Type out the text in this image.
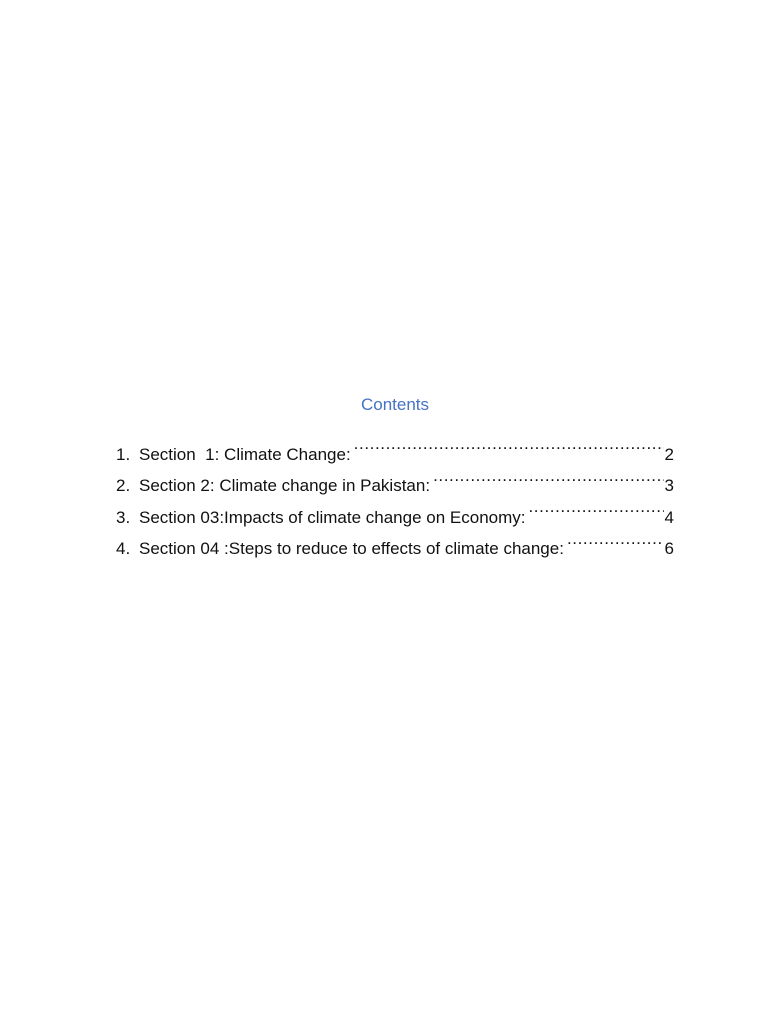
Contents
1. Section  1: Climate Change: .....	2
2. Section 2: Climate change in Pakistan: .....	3
3. Section 03:Impacts of climate change on Economy: .....	4
4. Section 04 :Steps to reduce to effects of climate change: .....	6
